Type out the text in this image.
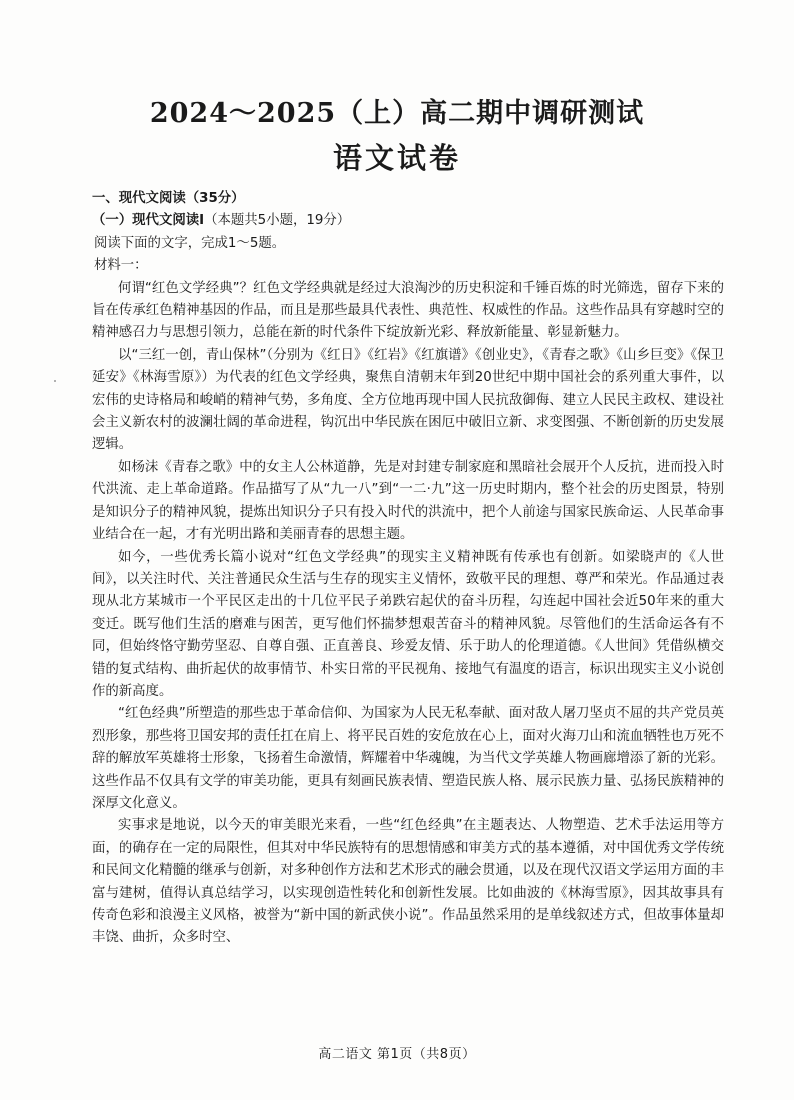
2024～2025（上）高二期中调研测试
语文试卷

一、现代文阅读（35分）

（一）现代文阅读Ⅰ（本题共5小题，19分）

阅读下面的文字，完成1～5题。

材料一：

何谓“红色文学经典”？红色文学经典就是经过大浪淘沙的历史积淀和千锤百炼的时光筛选，留存下来的旨在传承红色精神基因的作品，而且是那些最具代表性、典范性、权威性的作品。这些作品具有穿越时空的精神感召力与思想引领力，总能在新的时代条件下绽放新光彩、释放新能量、彰显新魅力。

以“三红一创，青山保林”（分别为《红日》《红岩》《红旗谱》《创业史》，《青春之歌》《山乡巨变》《保卫延安》《林海雪原》）为代表的红色文学经典，聚焦自清朝末年到20世纪中期中国社会的系列重大事件，以宏伟的史诗格局和峻峭的精神气势，多角度、全方位地再现中国人民抗敌御侮、建立人民民主政权、建设社会主义新农村的波澜壮阔的革命进程，钩沉出中华民族在困厄中破旧立新、求变图强、不断创新的历史发展逻辑。

如杨沫《青春之歌》中的女主人公林道静，先是对封建专制家庭和黑暗社会展开个人反抗，进而投入时代洪流、走上革命道路。作品描写了从“九一八”到“一二·九”这一历史时期内，整个社会的历史图景，特别是知识分子的精神风貌，提炼出知识分子只有投入时代的洪流中，把个人前途与国家民族命运、人民革命事业结合在一起，才有光明出路和美丽青春的思想主题。

如今，一些优秀长篇小说对“红色文学经典”的现实主义精神既有传承也有创新。如梁晓声的《人世间》，以关注时代、关注普通民众生活与生存的现实主义情怀，致敬平民的理想、尊严和荣光。作品通过表现从北方某城市一个平民区走出的十几位平民子弟跌宕起伏的奋斗历程，勾连起中国社会近50年来的重大变迁。既写他们生活的磨难与困苦，更写他们怀揣梦想艰苦奋斗的精神风貌。尽管他们的生活命运各有不同，但始终恪守勤劳坚忍、自尊自强、正直善良、珍爱友情、乐于助人的伦理道德。《人世间》凭借纵横交错的复式结构、曲折起伏的故事情节、朴实日常的平民视角、接地气有温度的语言，标识出现实主义小说创作的新高度。

“红色经典”所塑造的那些忠于革命信仰、为国家为人民无私奉献、面对敌人屠刀坚贞不屈的共产党员英烈形象，那些将卫国安邦的责任扛在肩上、将平民百姓的安危放在心上，面对火海刀山和流血牺牲也万死不辞的解放军英雄将士形象，飞扬着生命激情，辉耀着中华魂魄，为当代文学英雄人物画廊增添了新的光彩。这些作品不仅具有文学的审美功能，更具有刻画民族表情、塑造民族人格、展示民族力量、弘扬民族精神的深厚文化意义。

实事求是地说，以今天的审美眼光来看，一些“红色经典”在主题表达、人物塑造、艺术手法运用等方面，的确存在一定的局限性，但其对中华民族特有的思想情感和审美方式的基本遵循，对中国优秀文学传统和民间文化精髓的继承与创新，对多种创作方法和艺术形式的融会贯通，以及在现代汉语文学运用方面的丰富与建树，值得认真总结学习，以实现创造性转化和创新性发展。比如曲波的《林海雪原》，因其故事具有传奇色彩和浪漫主义风格，被誉为“新中国的新武侠小说”。作品虽然采用的是单线叙述方式，但故事体量却丰饶、曲折，众多时空、

高二语文 第1页（共8页）
